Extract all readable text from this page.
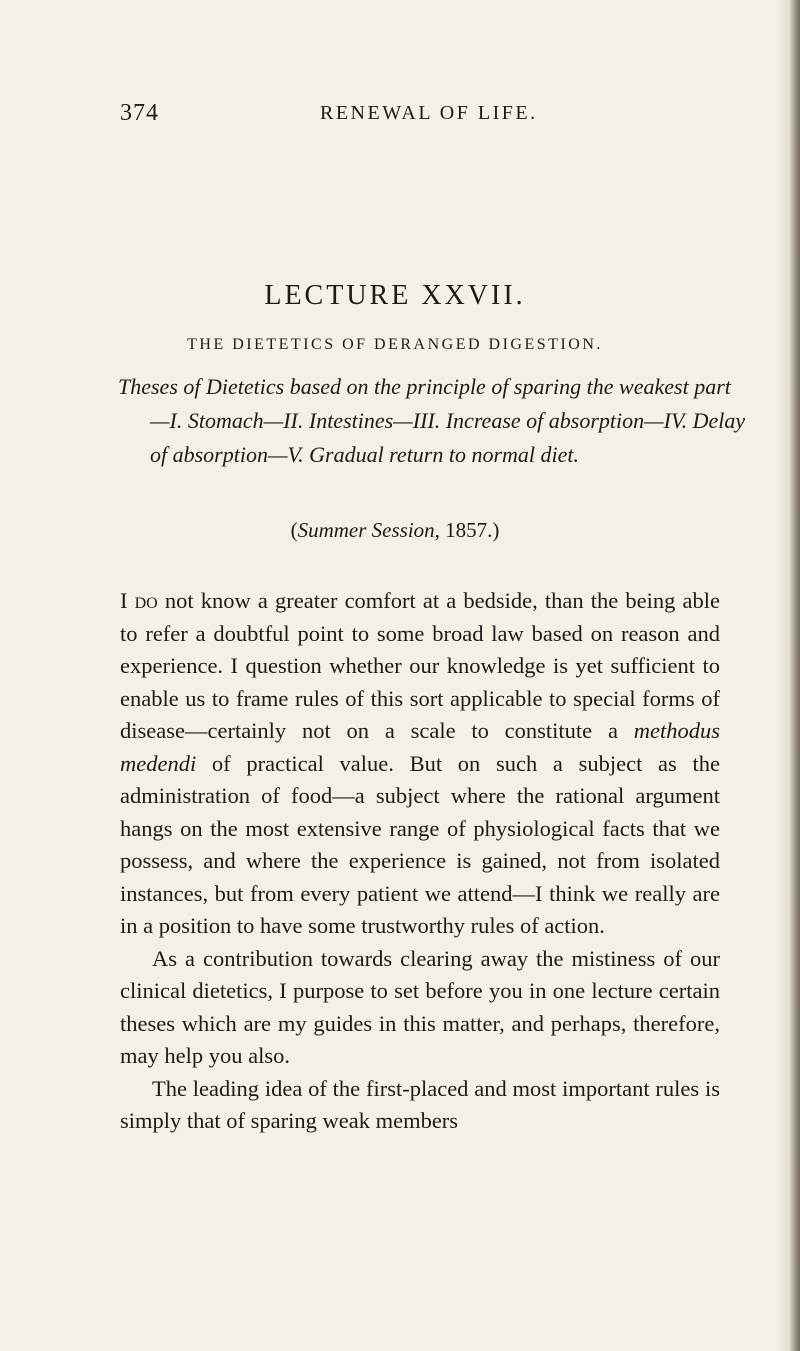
374	RENEWAL OF LIFE.
LECTURE XXVII.
THE DIETETICS OF DERANGED DIGESTION.
Theses of Dietetics based on the principle of sparing the weakest part—I. Stomach—II. Intestines—III. Increase of absorption—IV. Delay of absorption—V. Gradual return to normal diet.
(Summer Session, 1857.)

I do not know a greater comfort at a bedside, than the being able to refer a doubtful point to some broad law based on reason and experience. I question whether our knowledge is yet sufficient to enable us to frame rules of this sort applicable to special forms of disease—certainly not on a scale to constitute a methodus medendi of practical value. But on such a subject as the administration of food—a subject where the rational argument hangs on the most extensive range of physiological facts that we possess, and where the experience is gained, not from isolated instances, but from every patient we attend—I think we really are in a position to have some trustworthy rules of action.

As a contribution towards clearing away the mistiness of our clinical dietetics, I purpose to set before you in one lecture certain theses which are my guides in this matter, and perhaps, therefore, may help you also.

The leading idea of the first-placed and most important rules is simply that of sparing weak members
